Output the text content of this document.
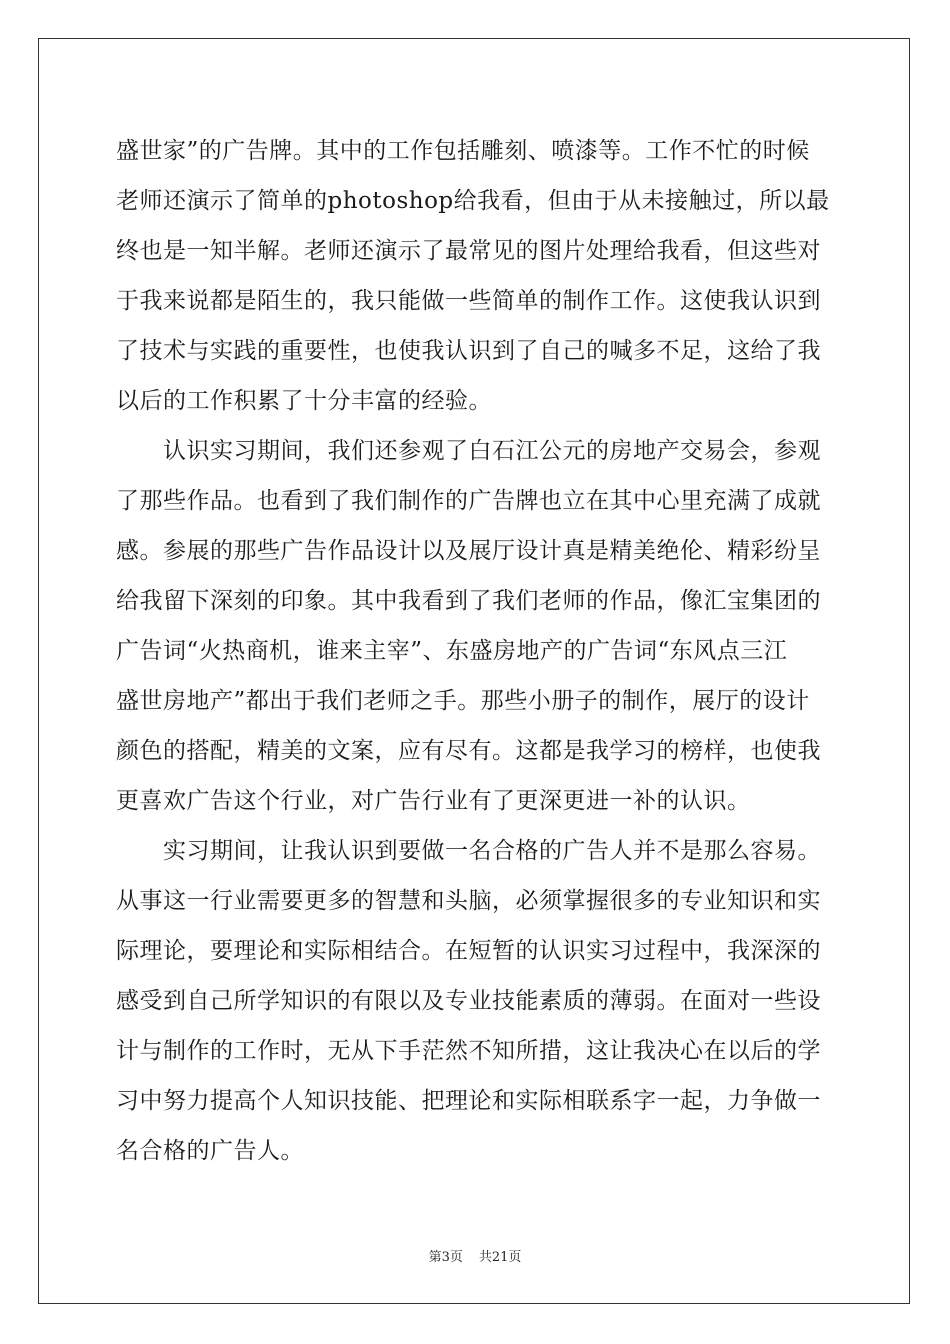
盛世家”的广告牌。其中的工作包括雕刻、喷漆等。工作不忙的时候
老师还演示了简单的photoshop给我看，但由于从未接触过，所以最
终也是一知半解。老师还演示了最常见的图片处理给我看，但这些对
于我来说都是陌生的，我只能做一些简单的制作工作。这使我认识到
了技术与实践的重要性，也使我认识到了自己的喊多不足，这给了我
以后的工作积累了十分丰富的经验。
　　认识实习期间，我们还参观了白石江公元的房地产交易会，参观
了那些作品。也看到了我们制作的广告牌也立在其中心里充满了成就
感。参展的那些广告作品设计以及展厅设计真是精美绝伦、精彩纷呈
给我留下深刻的印象。其中我看到了我们老师的作品，像汇宝集团的
广告词“火热商机，谁来主宰”、东盛房地产的广告词“东风点三江
盛世房地产”都出于我们老师之手。那些小册子的制作，展厅的设计
颜色的搭配，精美的文案，应有尽有。这都是我学习的榜样，也使我
更喜欢广告这个行业，对广告行业有了更深更进一补的认识。
　　实习期间，让我认识到要做一名合格的广告人并不是那么容易。
从事这一行业需要更多的智慧和头脑，必须掌握很多的专业知识和实
际理论，要理论和实际相结合。在短暂的认识实习过程中，我深深的
感受到自己所学知识的有限以及专业技能素质的薄弱。在面对一些设
计与制作的工作时，无从下手茫然不知所措，这让我决心在以后的学
习中努力提高个人知识技能、把理论和实际相联系字一起，力争做一
名合格的广告人。
第3页 共21页
